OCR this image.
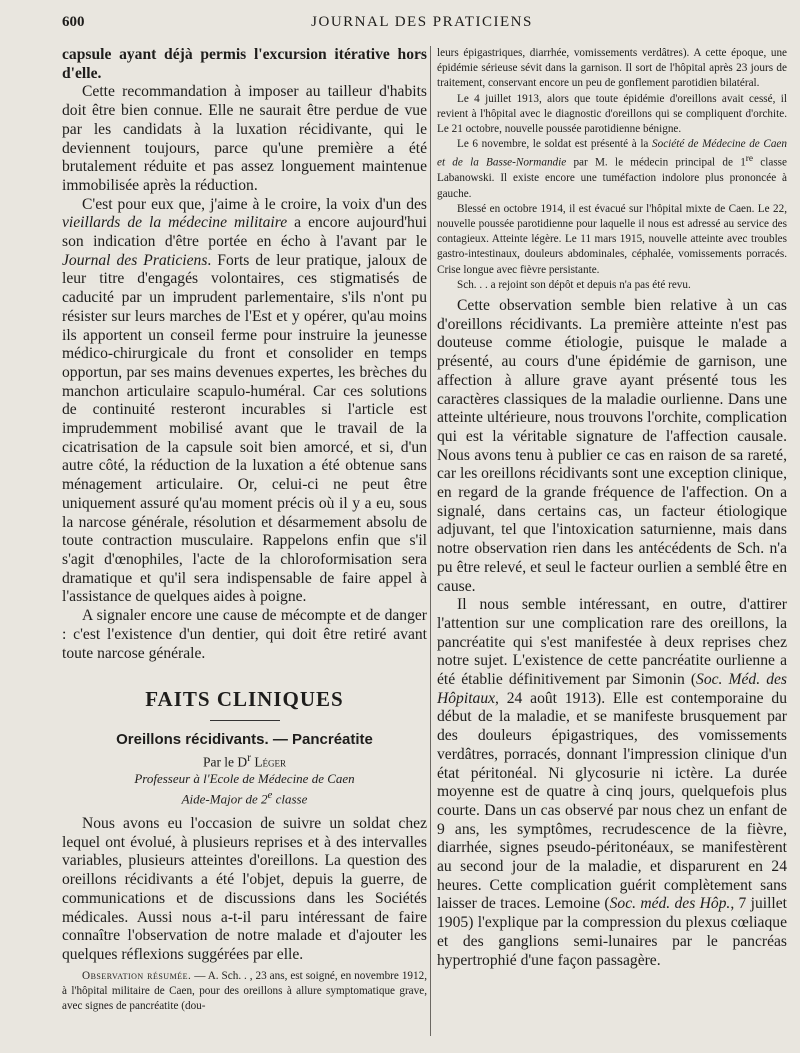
600	JOURNAL DES PRATICIENS

capsule ayant déjà permis l'excursion itérative hors d'elle.

Cette recommandation à imposer au tailleur d'habits doit être bien connue. Elle ne saurait être perdue de vue par les candidats à la luxation récidivante, qui le deviennent toujours, parce qu'une première a été brutalement réduite et pas assez longuement maintenue immobilisée après la réduction.

C'est pour eux que, j'aime à le croire, la voix d'un des vieillards de la médecine militaire a encore aujourd'hui son indication d'être portée en écho à l'avant par le Journal des Praticiens. Forts de leur pratique, jaloux de leur titre d'engagés volontaires, ces stigmatisés de caducité par un imprudent parlementaire, s'ils n'ont pu résister sur leurs marches de l'Est et y opérer, qu'au moins ils apportent un conseil ferme pour instruire la jeunesse médico-chirurgicale du front et consolider en temps opportun, par ses mains devenues expertes, les brèches du manchon articulaire scapulo-huméral. Car ces solutions de continuité resteront incurables si l'article est imprudemment mobilisé avant que le travail de la cicatrisation de la capsule soit bien amorcé, et si, d'un autre côté, la réduction de la luxation a été obtenue sans ménagement articulaire. Or, celui-ci ne peut être uniquement assuré qu'au moment précis où il y a eu, sous la narcose générale, résolution et désarmement absolu de toute contraction musculaire. Rappelons enfin que s'il s'agit d'œnophiles, l'acte de la chloroformisation sera dramatique et qu'il sera indispensable de faire appel à l'assistance de quelques aides à poigne.

A signaler encore une cause de mécompte et de danger : c'est l'existence d'un dentier, qui doit être retiré avant toute narcose générale.

FAITS CLINIQUES
Oreillons récidivants. — Pancréatite

Par le $D^r$ Léger

Professeur à l'Ecole de Médecine de Caen

Aide-Major de 2e classe

Nous avons eu l'occasion de suivre un soldat chez lequel ont évolué, à plusieurs reprises et à des intervalles variables, plusieurs atteintes d'oreillons. La question des oreillons récidivants a été l'objet, depuis la guerre, de communications et de discussions dans les Sociétés médicales. Aussi nous a-t-il paru intéressant de faire connaître l'observation de notre malade et d'ajouter les quelques réflexions suggérées par elle.

Observation résumée. — A. Sch. . , 23 ans, est soigné, en novembre 1912, à l'hôpital militaire de Caen, pour des oreillons à allure symptomatique grave, avec signes de pancréatite (dou-

leurs épigastriques, diarrhée, vomissements verdâtres). A cette époque, une épidémie sérieuse sévit dans la garnison. Il sort de l'hôpital après 23 jours de traitement, conservant encore un peu de gonflement parotidien bilatéral.

Le 4 juillet 1913, alors que toute épidémie d'oreillons avait cessé, il revient à l'hôpital avec le diagnostic d'oreillons qui se compliquent d'orchite. Le 21 octobre, nouvelle poussée parotidienne bénigne.

Le 6 novembre, le soldat est présenté à la Société de Médecine de Caen et de la Basse-Normandie par M. le médecin principal de 1re classe Labanowski. Il existe encore une tuméfaction indolore plus prononcée à gauche.

Blessé en octobre 1914, il est évacué sur l'hôpital mixte de Caen. Le 22, nouvelle poussée parotidienne pour laquelle il nous est adressé au service des contagieux. Atteinte légère. Le 11 mars 1915, nouvelle atteinte avec troubles gastro-intestinaux, douleurs abdominales, céphalée, vomissements porracés. Crise longue avec fièvre persistante.

Sch. . . a rejoint son dépôt et depuis n'a pas été revu.

Cette observation semble bien relative à un cas d'oreillons récidivants. La première atteinte n'est pas douteuse comme étiologie, puisque le malade a présenté, au cours d'une épidémie de garnison, une affection à allure grave ayant présenté tous les caractères classiques de la maladie ourlienne. Dans une atteinte ultérieure, nous trouvons l'orchite, complication qui est la véritable signature de l'affection causale. Nous avons tenu à publier ce cas en raison de sa rareté, car les oreillons récidivants sont une exception clinique, en regard de la grande fréquence de l'affection. On a signalé, dans certains cas, un facteur étiologique adjuvant, tel que l'intoxication saturnienne, mais dans notre observation rien dans les antécédents de Sch. n'a pu être relevé, et seul le facteur ourlien a semblé être en cause.

Il nous semble intéressant, en outre, d'attirer l'attention sur une complication rare des oreillons, la pancréatite qui s'est manifestée à deux reprises chez notre sujet. L'existence de cette pancréatite ourlienne a été établie définitivement par Simonin (Soc. Méd. des Hôpitaux, 24 août 1913). Elle est contemporaine du début de la maladie, et se manifeste brusquement par des douleurs épigastriques, des vomissements verdâtres, porracés, donnant l'impression clinique d'un état péritonéal. Ni glycosurie ni ictère. La durée moyenne est de quatre à cinq jours, quelquefois plus courte. Dans un cas observé par nous chez un enfant de 9 ans, les symptômes, recrudescence de la fièvre, diarrhée, signes pseudo-péritonéaux, se manifestèrent au second jour de la maladie, et disparurent en 24 heures. Cette complication guérit complètement sans laisser de traces. Lemoine (Soc. méd. des Hôp., 7 juillet 1905) l'explique par la compression du plexus cœliaque et des ganglions semi-lunaires par le pancréas hypertrophié d'une façon passagère.
